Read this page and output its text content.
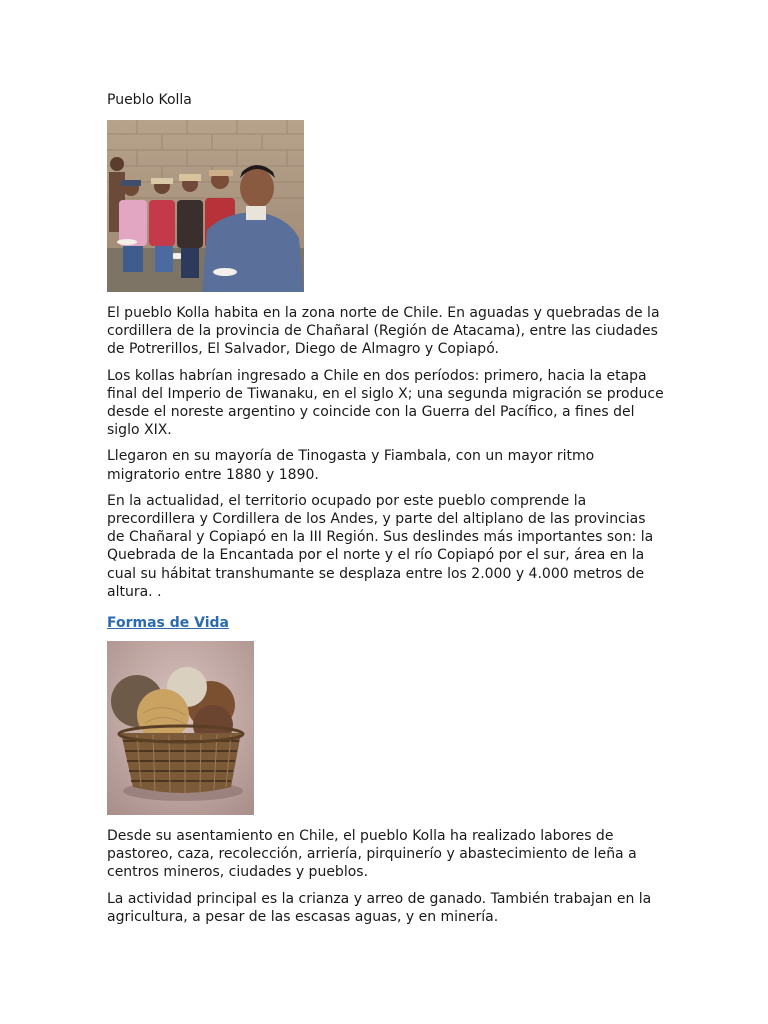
Pueblo Kolla

El pueblo Kolla habita en la zona norte de Chile. En aguadas y quebradas de la cordillera de la provincia de Chañaral (Región de Atacama), entre las ciudades de Potrerillos, El Salvador, Diego de Almagro y Copiapó.

Los kollas habrían ingresado a Chile en dos períodos: primero, hacia la etapa final del Imperio de Tiwanaku, en el siglo X; una segunda migración se produce desde el noreste argentino y coincide con la Guerra del Pacífico, a fines del siglo XIX.

Llegaron en su mayoría de Tinogasta y Fiambala, con un mayor ritmo migratorio entre 1880 y 1890.

En la actualidad, el territorio ocupado por este pueblo comprende la precordillera y Cordillera de los Andes, y parte del altiplano de las provincias de Chañaral y Copiapó en la III Región. Sus deslindes más importantes son: la Quebrada de la Encantada por el norte y el río Copiapó por el sur, área en la cual su hábitat transhumante se desplaza entre los 2.000 y 4.000 metros de altura. .

Formas de Vida

Desde su asentamiento en Chile, el pueblo Kolla ha realizado labores de pastoreo, caza, recolección, arriería, pirquinerío y abastecimiento de leña a centros mineros, ciudades y pueblos.

La actividad principal es la crianza y arreo de ganado. También trabajan en la agricultura, a pesar de las escasas aguas, y en minería.
